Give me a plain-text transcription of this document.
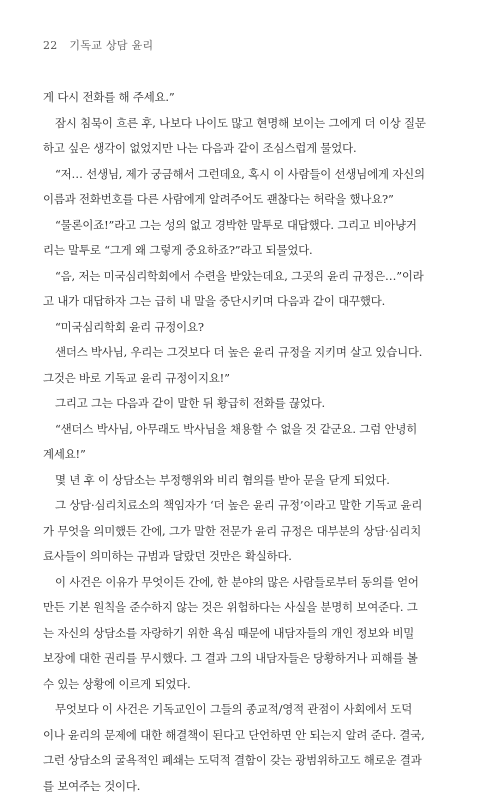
22 기독교 상담 윤리
게 다시 전화를 해 주세요.”
잠시 침묵이 흐른 후, 나보다 나이도 많고 현명해 보이는 그에게 더 이상 질문
하고 싶은 생각이 없었지만 나는 다음과 같이 조심스럽게 물었다.
“저… 선생님, 제가 궁금해서 그런데요, 혹시 이 사람들이 선생님에게 자신의
이름과 전화번호를 다른 사람에게 알려주어도 괜찮다는 허락을 했나요?”
“물론이죠!”라고 그는 성의 없고 경박한 말투로 대답했다. 그리고 비아냥거
리는 말투로 “그게 왜 그렇게 중요하죠?”라고 되물었다.
“음, 저는 미국심리학회에서 수련을 받았는데요, 그곳의 윤리 규정은…”이라
고 내가 대답하자 그는 급히 내 말을 중단시키며 다음과 같이 대꾸했다.
“미국심리학회 윤리 규정이요?
샌더스 박사님, 우리는 그것보다 더 높은 윤리 규정을 지키며 살고 있습니다.
그것은 바로 기독교 윤리 규정이지요!”
그리고 그는 다음과 같이 말한 뒤 황급히 전화를 끊었다.
“샌더스 박사님, 아무래도 박사님을 채용할 수 없을 것 같군요. 그럼 안녕히
계세요!”
몇 년 후 이 상담소는 부정행위와 비리 혐의를 받아 문을 닫게 되었다.
그 상담·심리치료소의 책임자가 ‘더 높은 윤리 규정’이라고 말한 기독교 윤리
가 무엇을 의미했든 간에, 그가 말한 전문가 윤리 규정은 대부분의 상담·심리치
료사들이 의미하는 규범과 달랐던 것만은 확실하다.
이 사건은 이유가 무엇이든 간에, 한 분야의 많은 사람들로부터 동의를 얻어
만든 기본 원칙을 준수하지 않는 것은 위험하다는 사실을 분명히 보여준다. 그
는 자신의 상담소를 자랑하기 위한 욕심 때문에 내담자들의 개인 정보와 비밀
보장에 대한 권리를 무시했다. 그 결과 그의 내담자들은 당황하거나 피해를 볼
수 있는 상황에 이르게 되었다.
무엇보다 이 사건은 기독교인이 그들의 종교적/영적 관점이 사회에서 도덕
이나 윤리의 문제에 대한 해결책이 된다고 단언하면 안 되는지 알려 준다. 결국,
그런 상담소의 굴욕적인 폐쇄는 도덕적 결함이 갖는 광범위하고도 해로운 결과
를 보여주는 것이다.
